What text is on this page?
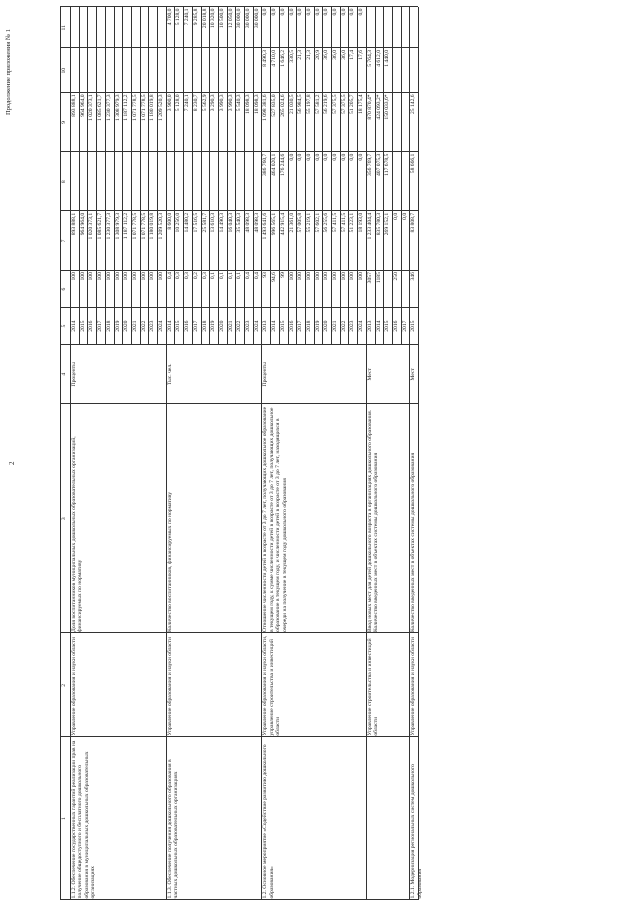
2
Продолжение приложения № 1
1
2
3
4
5
6
7
8
9
10
11
1.1.2. Обеспечение государственных гарантий реализации прав на получение общедоступного и бесплатного дошкольного образования в муниципальных дошкольных образовательных организациях
Управление образования и науки области
Доля воспитанников муниципальных дошкольных образовательных организаций, финансируемых по нормативу
Проценты
2014
100
893 888,1
893 888,1
2015
100
964 964,0
964 964,0
2016
100
1 020 373,1
1 020 373,1
2017
100
1 085 621,7
1 085 621,7
2018
100
1 230 377,3
1 230 377,3
2019
100
1 308 979,3
1 308 979,3
2020
100
1 187 112,2
1 187 112,2
2021
100
1 071 778,5
1 071 778,5
2022
100
1 071 778,5
1 071 778,5
2023
100
1 180 019,8
1 180 019,8
2024
100
1 209 520,3
1 209 520,3
1.1.3. Обеспечение получения дошкольного образования в частных дошкольных образовательных организациях
Управление образования и науки области
Количество воспитанников, финансируемых по нормативу
Тыс. чел.
2014
0,4
8 600,0
3 900,0
4 700,0
2015
0,3
10 256,0
5 128,0
5 128,0
2016
0,3
14 480,2
7 240,1
7 240,1
2017
0,2
17 516,5
8 230,7
9 285,8
2018
0,3
25 581,7
5 562,9
20 018,8
2019
0,1
13 610,3
3 290,3
10 320,0
2020
0,1
14 490,3
3 990,3
10 500,0
2021
0,1
16 040,3
3 990,3
12 050,0
2022
0,1
35 540,3
5 540,3
30 000,0
2023
0,4
48 098,3
18 098,3
30 000,0
2024
0,4
48 098,3
18 098,3
30 000,0
1.2. Основное мероприятие «Содействие развитию дошкольного образования»
Управление образования и науки области, управление строительства и инвестиций области
Отношение численности детей в возрасте от 3 до 7 лет, получающих дошкольное образование в текущем году, к сумме численности детей в возрасте от 3 до 7 лет, получающих дошкольное образование в текущем году, и численности детей в возрасте от 3 до 7 лет, находящихся в очереди на получение в текущем году дошкольного образования
Проценты
2013
93
1 493 641,6
386 760,7
1 098 381,6
8 490,3
0,0
2014
94,6
996 565,1
464 020,1
527 835,0
4 710,0
0,0
2015
99
442 915,4
176 244,6
265 024,6
1 646,2
0,0
2016
100
21 361,0
0,0
21 030,5
330,5
0,0
2017
100
57 005,8
0,0
56 984,5
21,3
0,0
2018
100
55 219,1
0,0
55 197,8
21,3
0,0
2019
100
57 602,1
0,0
57 581,2
20,9
0,0
2020
100
56 255,6
0,0
56 219,6
36,0
0,0
2021
100
57 411,5
0,0
57 375,5
36,0
0,0
2022
100
57 411,5
0,0
57 375,5
36,0
0,0
2023
100
51 223,1
0,0
51 205,7
17,4
0,0
2024
100
18 193,0
0,0
18 175,4
17,6
0,0
Управление строительства и инвестиций области
Ввод новых мест для детей дошкольного возраста в организациях дошкольного образования. Количество введенных мест в объектах системы дошкольного образования
Мест
2013
3057
1 233 404,4
356 769,7
870 870,4*
5 764,3
2014
1185
835 780,3
407 075,3
424 093,2*
4 612,0
2015
269 152,1
117 678,5
150 033,6*
1 440,0
2016
250
0,0
2017
0,0
1.2.1. Модернизация региональных систем дошкольного образования
Управление образования и науки области
Количество введенных мест в объектах системы дошкольного образования
Мест
2015
346
83 808,7
58 666,1
25 142,6
